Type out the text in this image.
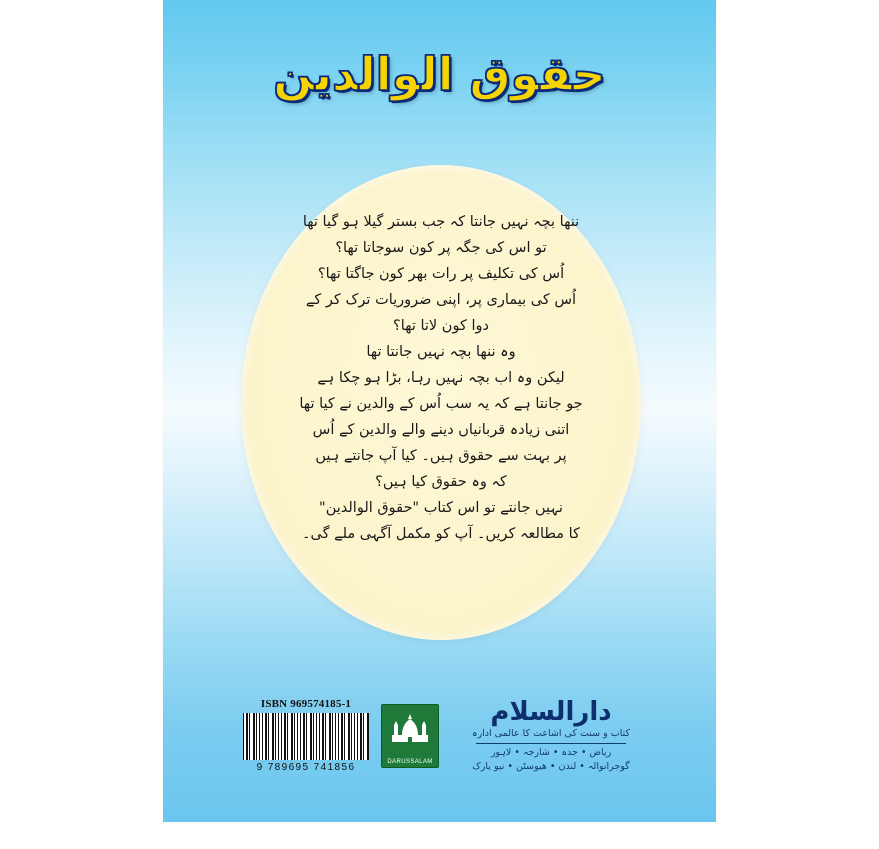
حقوق الوالدین

ننھا بچہ نہیں جانتا کہ جب بستر گیلا ہو گیا تھا

تو اس کی جگہ پر کون سوجاتا تھا؟

اُس کی تکلیف پر رات بھر کون جاگتا تھا؟

اُس کی بیماری پر، اپنی ضروریات ترک کر کے

دوا کون لاتا تھا؟

وہ ننھا بچہ نہیں جانتا تھا

لیکن وہ اب بچہ نہیں رہا، بڑا ہو چکا ہے

جو جانتا ہے کہ یہ سب اُس کے والدین نے کیا تھا

اتنی زیادہ قربانیاں دینے والے والدین کے اُس

پر بہت سے حقوق ہیں۔ کیا آپ جانتے ہیں

کہ وہ حقوق کیا ہیں؟

نہیں جانتے تو اس کتاب "حقوق الوالدین"

کا مطالعہ کریں۔ آپ کو مکمل آگہی ملے گی۔

ISBN 969574185-1
9 789695 741856	DARUSSALAM
دارالسلام
کتاب و سنت کی اشاعت کا عالمی ادارہ
ریاض • جدہ • شارجہ • لاہور
گوجرانوالہ • لندن • ھیوسٹن • نیو یارک
